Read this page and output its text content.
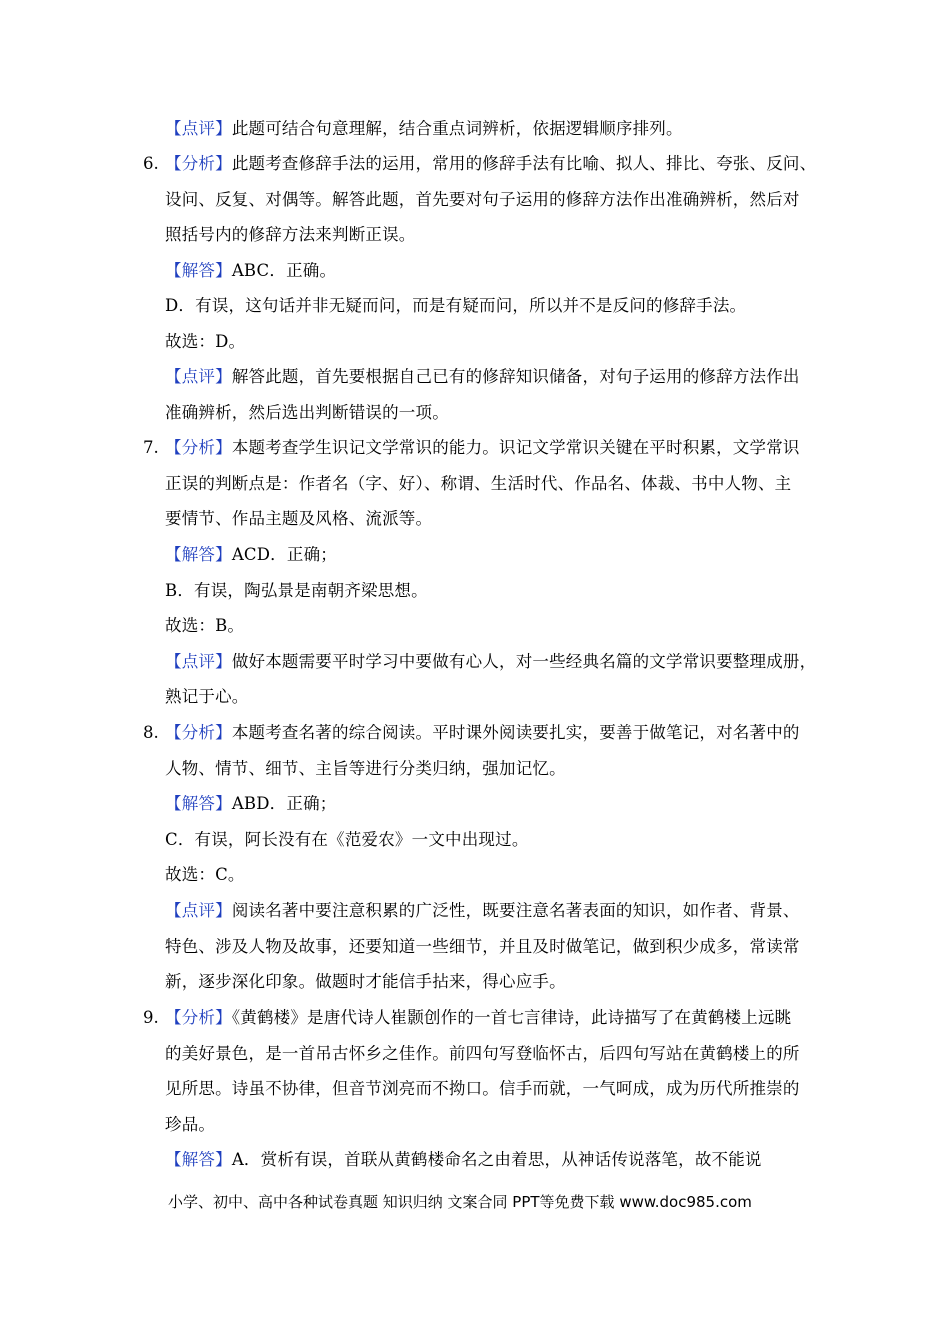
【点评】此题可结合句意理解，结合重点词辨析，依据逻辑顺序排列。
6. 【分析】此题考查修辞手法的运用，常用的修辞手法有比喻、拟人、排比、夸张、反问、
设问、反复、对偶等。解答此题，首先要对句子运用的修辞方法作出准确辨析，然后对
照括号内的修辞方法来判断正误。
【解答】ABC．正确。
D．有误，这句话并非无疑而问，而是有疑而问，所以并不是反问的修辞手法。
故选：D。
【点评】解答此题，首先要根据自己已有的修辞知识储备，对句子运用的修辞方法作出
准确辨析，然后选出判断错误的一项。
7. 【分析】本题考查学生识记文学常识的能力。识记文学常识关键在平时积累，文学常识
正误的判断点是：作者名（字、好）、称谓、生活时代、作品名、体裁、书中人物、主
要情节、作品主题及风格、流派等。
【解答】ACD．正确；
B．有误，陶弘景是南朝齐梁思想。
故选：B。
【点评】做好本题需要平时学习中要做有心人，对一些经典名篇的文学常识要整理成册，
熟记于心。
8. 【分析】本题考查名著的综合阅读。平时课外阅读要扎实，要善于做笔记，对名著中的
人物、情节、细节、主旨等进行分类归纳，强加记忆。
【解答】ABD．正确；
C．有误，阿长没有在《范爱农》一文中出现过。
故选：C。
【点评】阅读名著中要注意积累的广泛性，既要注意名著表面的知识，如作者、背景、
特色、涉及人物及故事，还要知道一些细节，并且及时做笔记，做到积少成多，常读常
新，逐步深化印象。做题时才能信手拈来，得心应手。
9. 【分析】《黄鹤楼》是唐代诗人崔颢创作的一首七言律诗，此诗描写了在黄鹤楼上远眺
的美好景色，是一首吊古怀乡之佳作。前四句写登临怀古，后四句写站在黄鹤楼上的所
见所思。诗虽不协律，但音节浏亮而不拗口。信手而就，一气呵成，成为历代所推崇的
珍品。
【解答】A．赏析有误，首联从黄鹤楼命名之由着思，从神话传说落笔，故不能说
小学、初中、高中各种试卷真题 知识归纳 文案合同 PPT等免费下载 www.doc985.com
